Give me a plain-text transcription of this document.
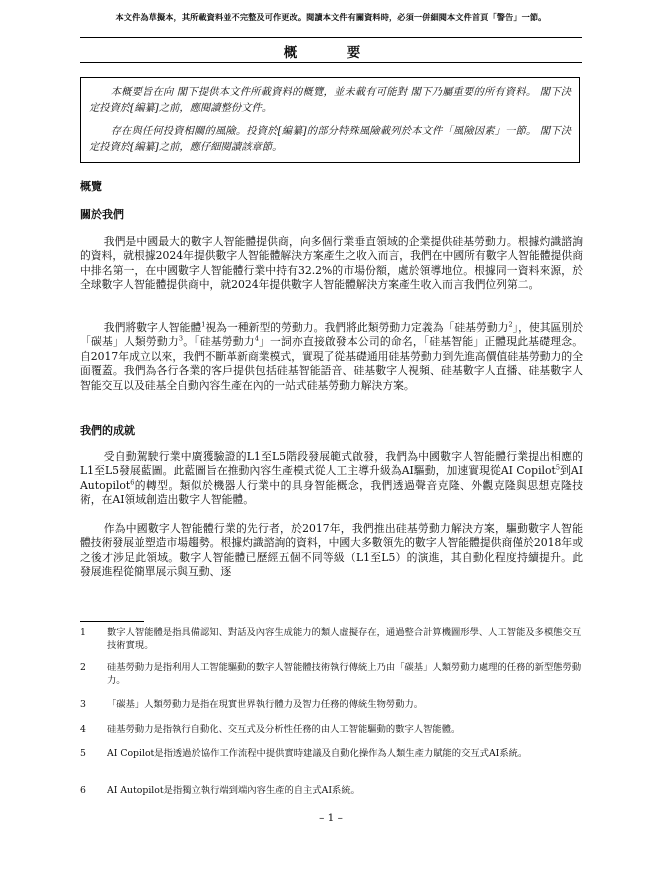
本文件為草擬本，其所載資料並不完整及可作更改。閱讀本文件有關資料時，必須一併細閱本文件首頁「警告」一節。
概　要

本概要旨在向 閣下提供本文件所載資料的概覽，並未載有可能對 閣下乃屬重要的所有資料。 閣下決定投資於[編纂]之前，應閱讀整份文件。

存在與任何投資相關的風險。投資於[編纂]的部分特殊風險載列於本文件「風險因素」一節。 閣下決定投資於[編纂]之前，應仔細閱讀該章節。

概覽
關於我們

我們是中國最大的數字人智能體提供商，向多個行業垂直領域的企業提供硅基勞動力。根據灼識諮詢的資料，就根據2024年提供數字人智能體解決方案產生之收入而言，我們在中國所有數字人智能體提供商中排名第一，在中國數字人智能體行業中持有32.2%的市場份額，處於領導地位。根據同一資料來源，於全球數字人智能體提供商中，就2024年提供數字人智能體解決方案產生收入而言我們位列第二。

我們將數字人智能體$^1$視為一種新型的勞動力。我們將此類勞動力定義為「硅基勞動力$^2$」，使其區別於「碳基」人類勞動力$^3$。「硅基勞動力$^4$」一詞亦直接啟發本公司的命名，「硅基智能」正體現此基礎理念。自2017年成立以來，我們不斷革新商業模式，實現了從基礎通用硅基勞動力到先進高價值硅基勞動力的全面覆蓋。我們為各行各業的客戶提供包括硅基智能語音、硅基數字人視頻、硅基數字人直播、硅基數字人智能交互以及硅基全自動內容生產在內的一站式硅基勞動力解決方案。

我們的成就

受自動駕駛行業中廣獲驗證的L1至L5階段發展範式啟發，我們為中國數字人智能體行業提出相應的L1至L5發展藍圖。此藍圖旨在推動內容生產模式從人工主導升級為AI驅動，加速實現從AI Copilot$^5$到AI Autopilot$^6$的轉型。類似於機器人行業中的具身智能概念，我們透過聲音克隆、外觀克隆與思想克隆技術，在AI領域創造出數字人智能體。

作為中國數字人智能體行業的先行者，於2017年，我們推出硅基勞動力解決方案，驅動數字人智能體技術發展並塑造市場趨勢。根據灼識諮詢的資料，中國大多數領先的數字人智能體提供商僅於2018年或之後才涉足此領域。數字人智能體已歷經五個不同等級（L1至L5）的演進，其自動化程度持續提升。此發展進程從簡單展示與互動、逐

1	數字人智能體是指具備認知、對話及內容生成能力的類人虛擬存在，通過整合計算機圖形學、人工智能及多模態交互技術實現。
2	硅基勞動力是指利用人工智能驅動的數字人智能體技術執行傳統上乃由「碳基」人類勞動力處理的任務的新型態勞動力。
3	「碳基」人類勞動力是指在現實世界執行體力及智力任務的傳統生物勞動力。
4	硅基勞動力是指執行自動化、交互式及分析性任務的由人工智能驅動的數字人智能體。
5	AI Copilot是指透過於協作工作流程中提供實時建議及自動化操作為人類生產力賦能的交互式AI系統。
6	AI Autopilot是指獨立執行端到端內容生產的自主式AI系統。
– 1 –
